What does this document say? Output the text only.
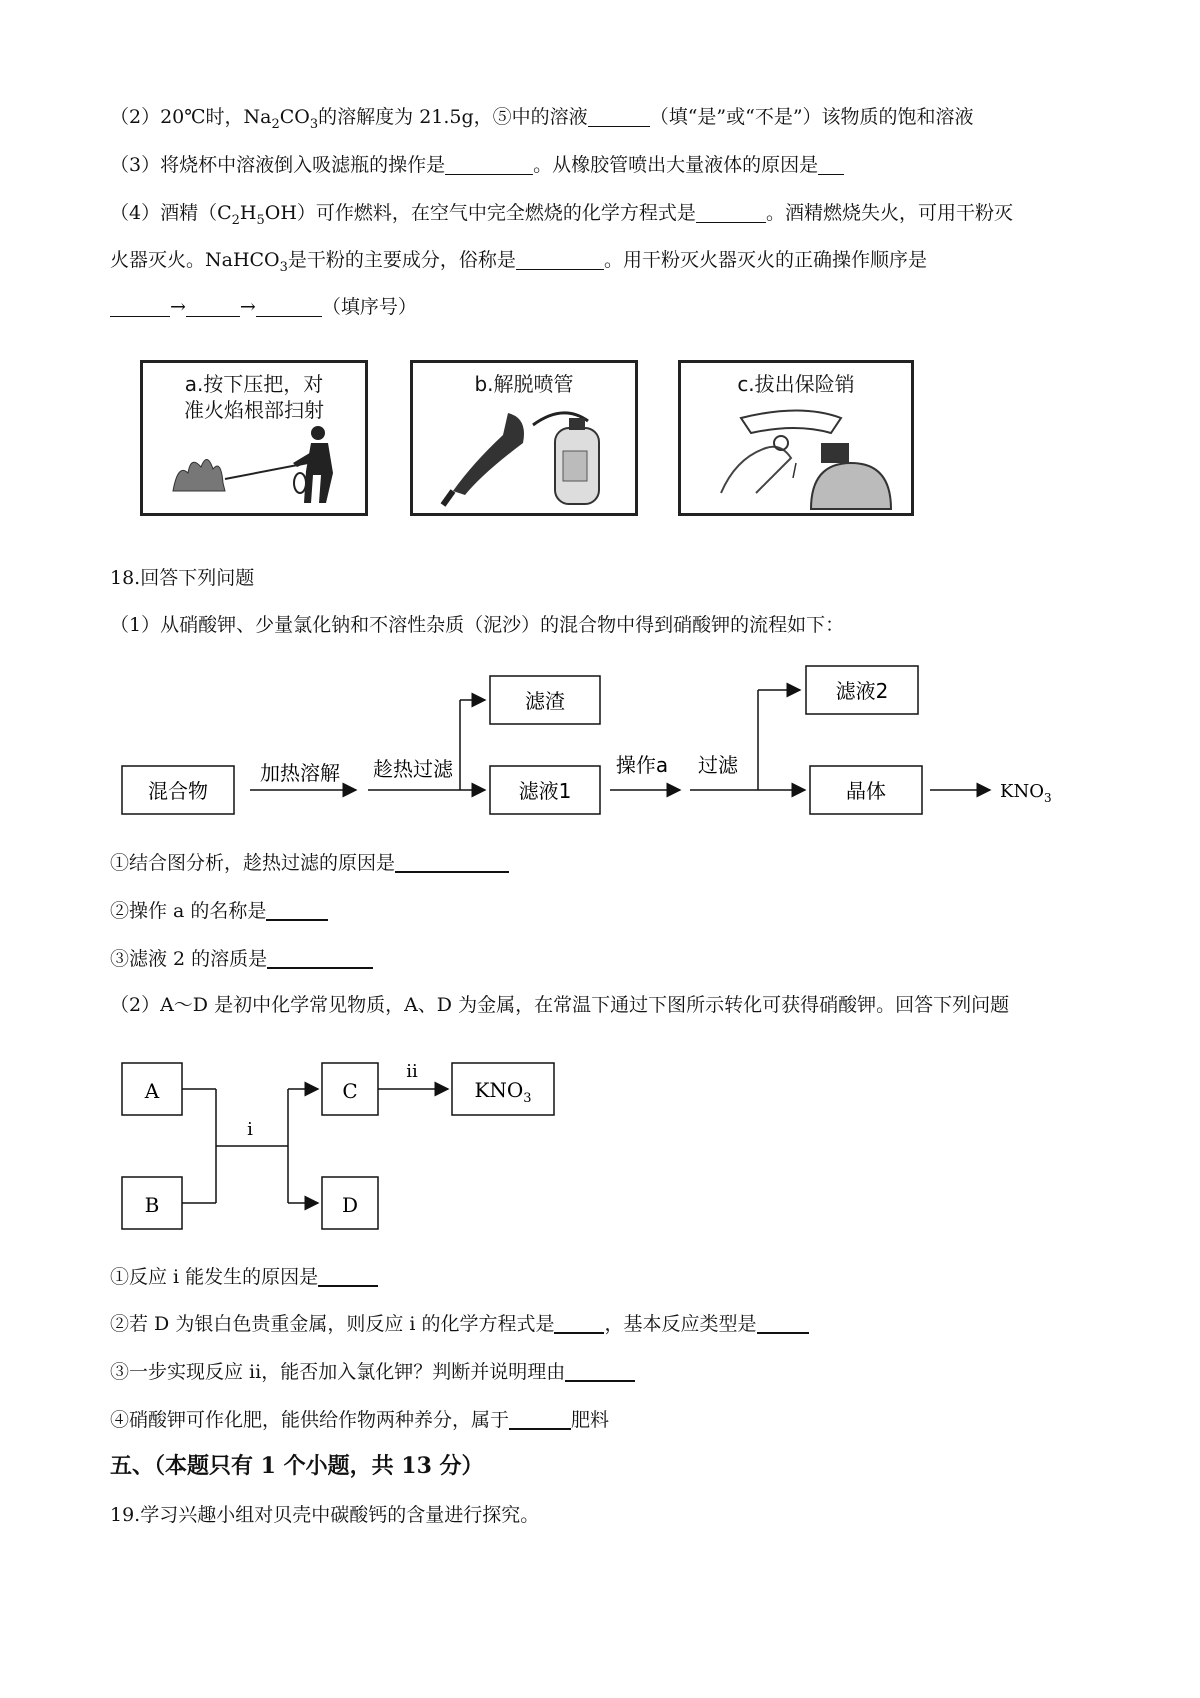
（2）20℃时，$Na_2CO_3$的溶解度为 21.5g，⑤中的溶液	（填“是”或“不是”）该物质的饱和溶液
（3）将烧杯中溶液倒入吸滤瓶的操作是	。从橡胶管喷出大量液体的原因是
（4）酒精$(C_2H_5OH)$可作燃料，在空气中完全燃烧的化学方程式是	。酒精燃烧失火，可用干粉灭
火器灭火。NaHCO$_3$是干粉的主要成分，俗称是	。用干粉灭火器灭火的正确操作顺序是
→	→	（填序号）
a.按下压把，对
准火焰根部扫射
b.解脱喷管	c.拔出保险销
18.回答下列问题
（1）从硝酸钾、少量氯化钠和不溶性杂质（泥沙）的混合物中得到硝酸钾的流程如下：
混合物
加热溶解 趁热过滤
滤渣
滤液1
操作a 过滤
滤液2
晶体	$KNO_3$
①结合图分析，趁热过滤的原因是
②操作 a 的名称是
③滤液 2 的溶质是
（2）A～D 是初中化学常见物质，A、D 为金属，在常温下通过下图所示转化可获得硝酸钾。回答下列问题
A
B
i
C
D
ii
$KNO_3$
①反应 i 能发生的原因是
②若 D 为银白色贵重金属，则反应 i 的化学方程式是	，基本反应类型是
③一步实现反应 ii，能否加入氯化钾？判断并说明理由
④硝酸钾可作化肥，能供给作物两种养分，属于	肥料
五、（本题只有 1 个小题，共 13 分）
19.学习兴趣小组对贝壳中碳酸钙的含量进行探究。
